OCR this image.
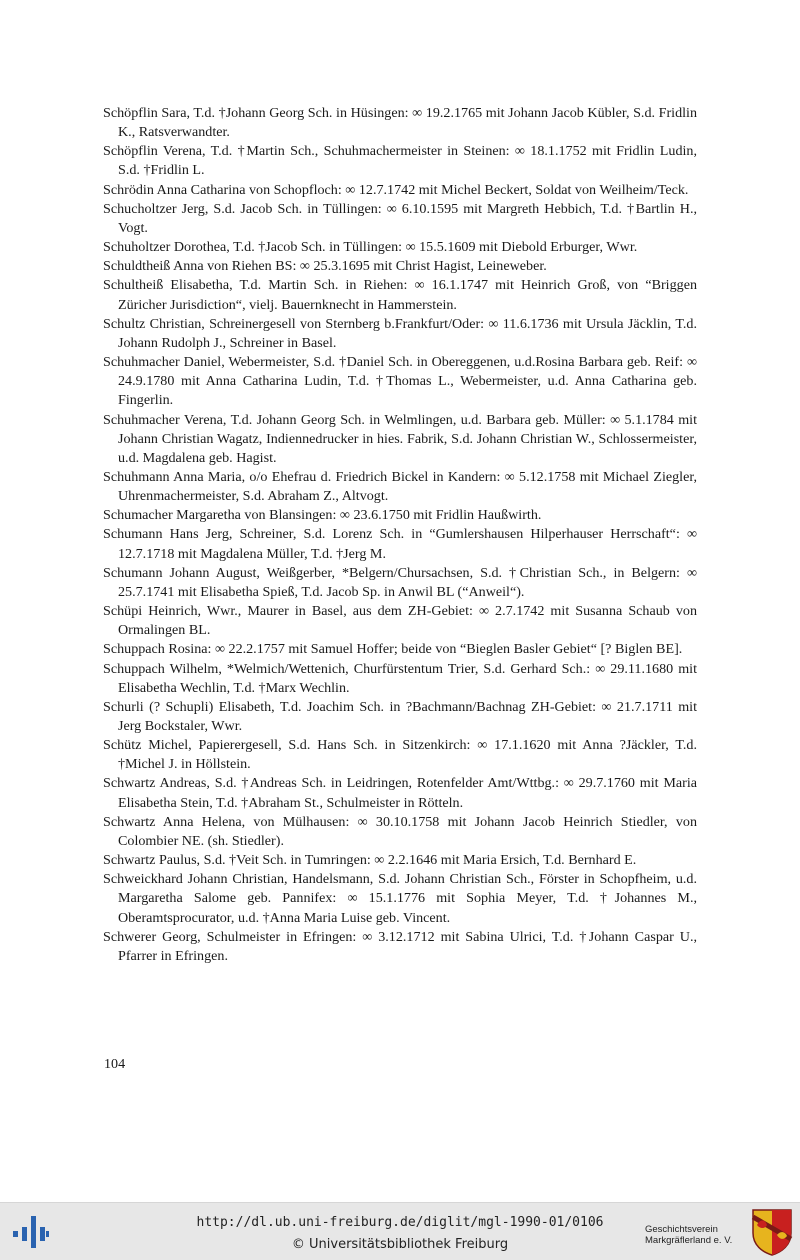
Schöpflin Sara, T.d. †Johann Georg Sch. in Hüsingen: ∞ 19.2.1765 mit Johann Jacob Kübler, S.d. Fridlin K., Ratsverwandter.

Schöpflin Verena, T.d. †Martin Sch., Schuhmachermeister in Steinen: ∞ 18.1.1752 mit Fridlin Ludin, S.d. †Fridlin L.

Schrödin Anna Catharina von Schopfloch: ∞ 12.7.1742 mit Michel Beckert, Soldat von Weilheim/Teck.

Schucholtzer Jerg, S.d. Jacob Sch. in Tüllingen: ∞ 6.10.1595 mit Margreth Hebbich, T.d. †Bartlin H., Vogt.

Schuholtzer Dorothea, T.d. †Jacob Sch. in Tüllingen: ∞ 15.5.1609 mit Diebold Erburger, Wwr.

Schuldtheiß Anna von Riehen BS: ∞ 25.3.1695 mit Christ Hagist, Leineweber.

Schultheiß Elisabetha, T.d. Martin Sch. in Riehen: ∞ 16.1.1747 mit Heinrich Groß, von “Briggen Züricher Jurisdiction“, vielj. Bauernknecht in Hammerstein.

Schultz Christian, Schreinergesell von Sternberg b.Frankfurt/Oder: ∞ 11.6.1736 mit Ursula Jäcklin, T.d. Johann Rudolph J., Schreiner in Basel.

Schuhmacher Daniel, Webermeister, S.d. †Daniel Sch. in Obereggenen, u.d.Rosina Barbara geb. Reif: ∞ 24.9.1780 mit Anna Catharina Ludin, T.d. †Thomas L., Webermeister, u.d. Anna Catharina geb. Fingerlin.

Schuhmacher Verena, T.d. Johann Georg Sch. in Welmlingen, u.d. Barbara geb. Müller: ∞ 5.1.1784 mit Johann Christian Wagatz, Indiennedrucker in hies. Fabrik, S.d. Johann Christian W., Schlossermeister, u.d. Magdalena geb. Hagist.

Schuhmann Anna Maria, o/o Ehefrau d. Friedrich Bickel in Kandern: ∞ 5.12.1758 mit Michael Ziegler, Uhrenmachermeister, S.d. Abraham Z., Altvogt.

Schumacher Margaretha von Blansingen: ∞ 23.6.1750 mit Fridlin Haußwirth.

Schumann Hans Jerg, Schreiner, S.d. Lorenz Sch. in “Gumlershausen Hilperhauser Herrschaft“: ∞ 12.7.1718 mit Magdalena Müller, T.d. †Jerg M.

Schumann Johann August, Weißgerber, *Belgern/Chursachsen, S.d. †Christian Sch., in Belgern: ∞ 25.7.1741 mit Elisabetha Spieß, T.d. Jacob Sp. in Anwil BL (“Anweil“).

Schüpi Heinrich, Wwr., Maurer in Basel, aus dem ZH-Gebiet: ∞ 2.7.1742 mit Susanna Schaub von Ormalingen BL.

Schuppach Rosina: ∞ 22.2.1757 mit Samuel Hoffer; beide von “Bieglen Basler Gebiet“ [? Biglen BE].

Schuppach Wilhelm, *Welmich/Wettenich, Churfürstentum Trier, S.d. Gerhard Sch.: ∞ 29.11.1680 mit Elisabetha Wechlin, T.d. †Marx Wechlin.

Schurli (? Schupli) Elisabeth, T.d. Joachim Sch. in ?Bachmann/Bachnag ZH-Gebiet: ∞ 21.7.1711 mit Jerg Bockstaler, Wwr.

Schütz Michel, Papierergesell, S.d. Hans Sch. in Sitzenkirch: ∞ 17.1.1620 mit Anna ?Jäckler, T.d. †Michel J. in Höllstein.

Schwartz Andreas, S.d. †Andreas Sch. in Leidringen, Rotenfelder Amt/Wttbg.: ∞ 29.7.1760 mit Maria Elisabetha Stein, T.d. †Abraham St., Schulmeister in Rötteln.

Schwartz Anna Helena, von Mülhausen: ∞ 30.10.1758 mit Johann Jacob Heinrich Stiedler, von Colombier NE. (sh. Stiedler).

Schwartz Paulus, S.d. †Veit Sch. in Tumringen: ∞ 2.2.1646 mit Maria Ersich, T.d. Bernhard E.

Schweickhard Johann Christian, Handelsmann, S.d. Johann Christian Sch., Förster in Schopfheim, u.d. Margaretha Salome geb. Pannifex: ∞ 15.1.1776 mit Sophia Meyer, T.d. †Johannes M., Oberamtsprocurator, u.d. †Anna Maria Luise geb. Vincent.

Schwerer Georg, Schulmeister in Efringen: ∞ 3.12.1712 mit Sabina Ulrici, T.d. †Johann Caspar U., Pfarrer in Efringen.

104
http://dl.ub.uni-freiburg.de/diglit/mgl-1990-01/0106
© Universitätsbibliothek Freiburg
Geschichtsverein
Markgräflerland e. V.
